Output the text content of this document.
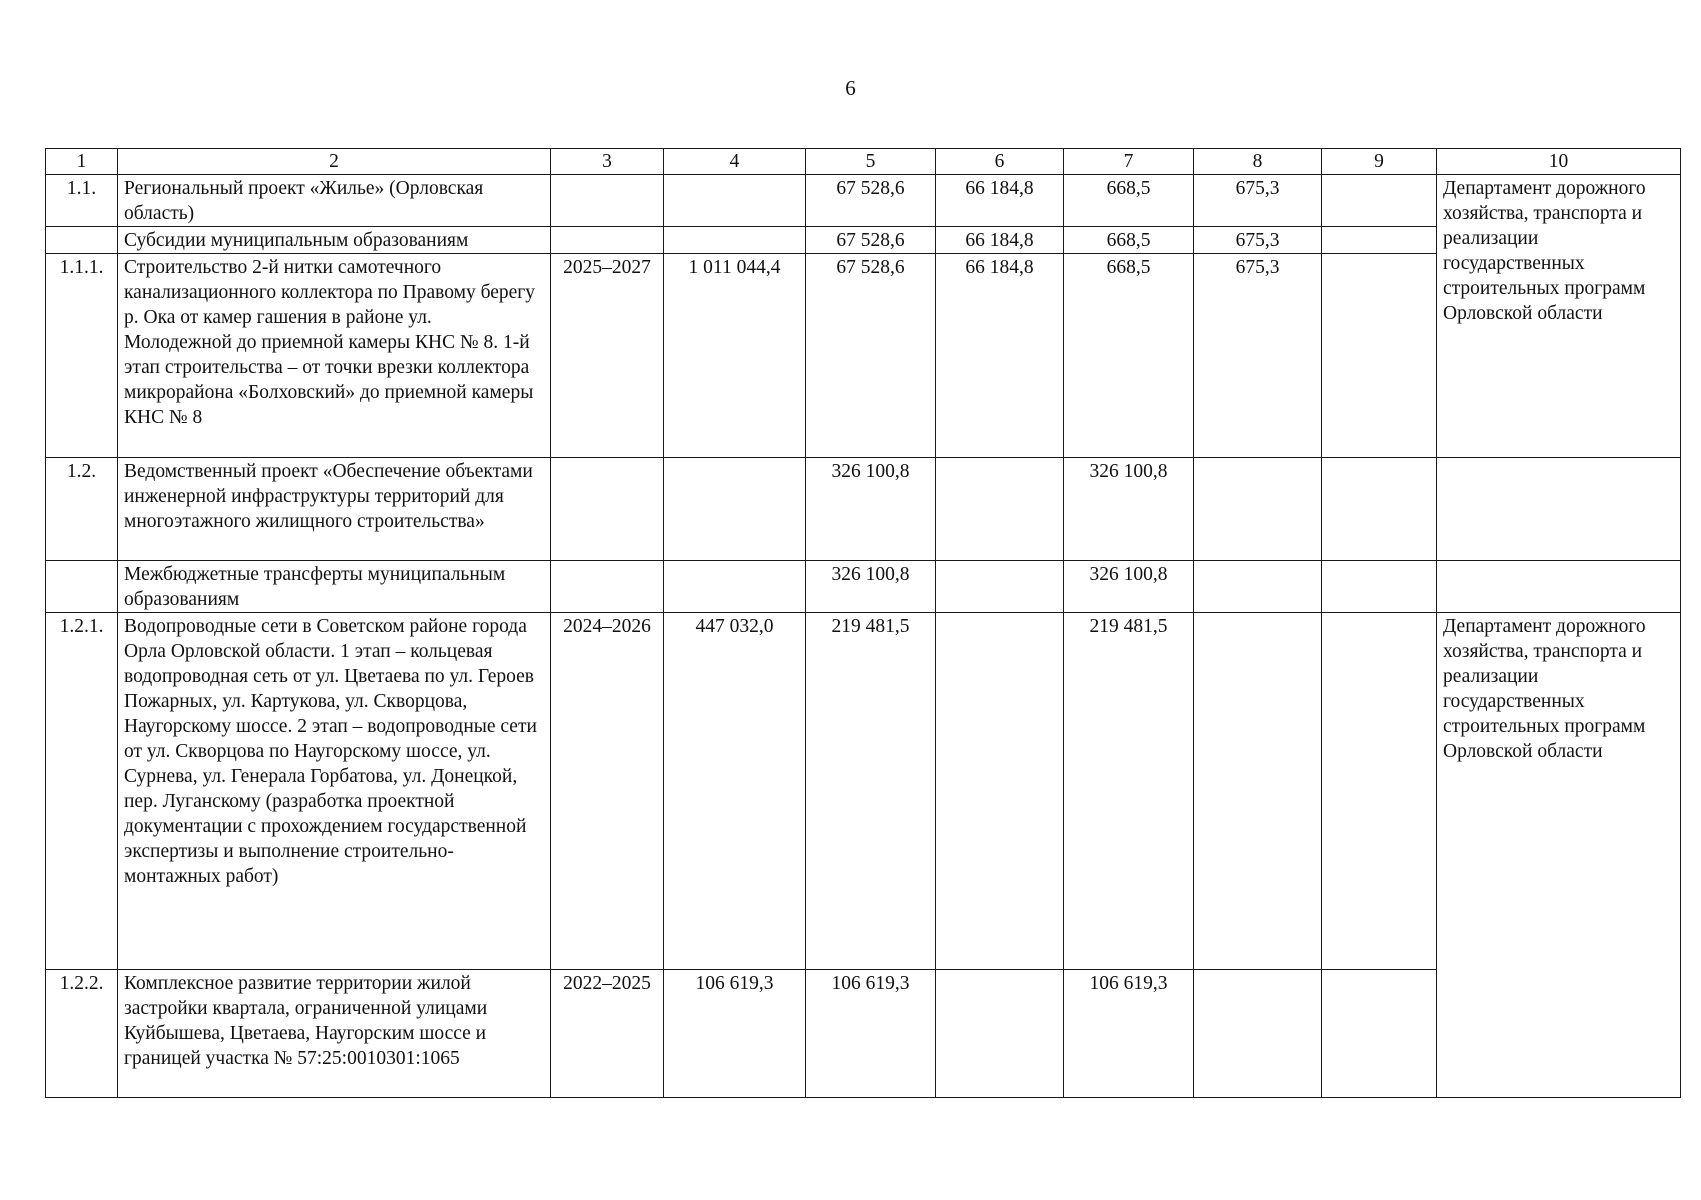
6
1	2	3	4	5	6	7	8	9	10
1.1.	Региональный проект «Жилье» (Орловская область)			67 528,6	66 184,8	668,5	675,3		Департамент дорожного хозяйства, транспорта и реализации государственных строительных программ Орловской области
	Субсидии муниципальным образованиям			67 528,6	66 184,8	668,5	675,3		
1.1.1.	Строительство 2-й нитки самотечного канализационного коллектора по Правому берегу р. Ока от камер гашения в районе ул. Молодежной до приемной камеры КНС № 8. 1-й этап строительства – от точки врезки коллектора микрорайона «Болховский» до приемной камеры КНС № 8	2025–2027	1 011 044,4	67 528,6	66 184,8	668,5	675,3		
1.2.	Ведомственный проект «Обеспечение объектами инженерной инфраструктуры территорий для многоэтажного жилищного строительства»			326 100,8		326 100,8			
	Межбюджетные трансферты муниципальным образованиям			326 100,8		326 100,8			
1.2.1.	Водопроводные сети в Советском районе города Орла Орловской области. 1 этап – кольцевая водопроводная сеть от ул. Цветаева по ул. Героев Пожарных, ул. Картукова, ул. Скворцова, Наугорскому шоссе. 2 этап – водопроводные сети от ул. Скворцова по Наугорскому шоссе, ул. Сурнева, ул. Генерала Горбатова, ул. Донецкой, пер. Луганскому (разработка проектной документации с прохождением государственной экспертизы и выполнение строительно-монтажных работ)	2024–2026	447 032,0	219 481,5		219 481,5			Департамент дорожного хозяйства, транспорта и реализации государственных строительных программ Орловской области
1.2.2.	Комплексное развитие территории жилой застройки квартала, ограниченной улицами Куйбышева, Цветаева, Наугорским шоссе и границей участка № 57:25:0010301:1065	2022–2025	106 619,3	106 619,3		106 619,3			
